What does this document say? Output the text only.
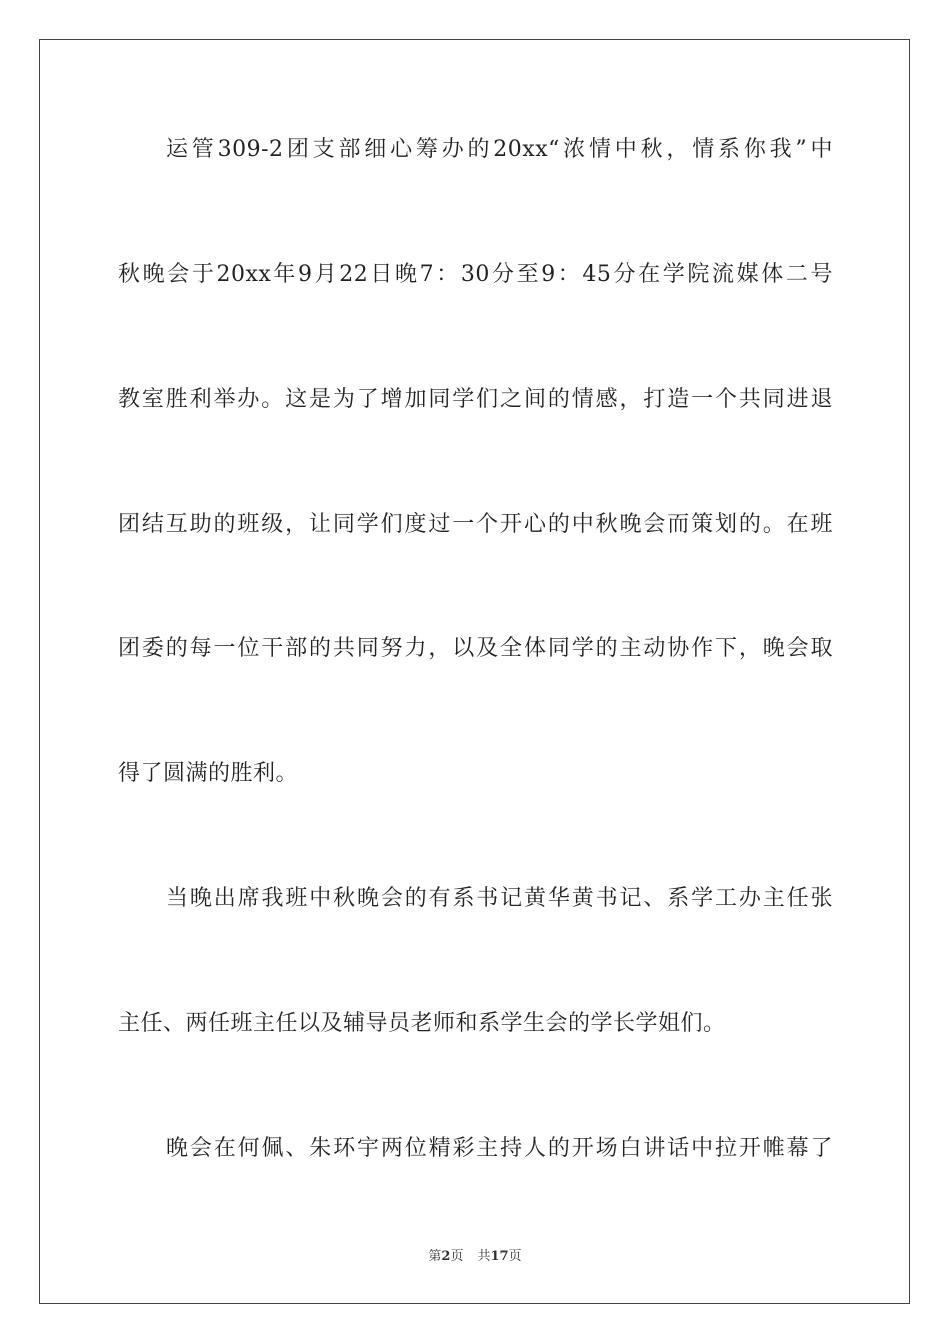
运管309-2团支部细心筹办的20xx“浓情中秋，情系你我”中
秋晚会于20xx年9月22日晚7：30分至9：45分在学院流媒体二号
教室胜利举办。这是为了增加同学们之间的情感，打造一个共同进退
团结互助的班级，让同学们度过一个开心的中秋晚会而策划的。在班
团委的每一位干部的共同努力，以及全体同学的主动协作下，晚会取
得了圆满的胜利。
当晚出席我班中秋晚会的有系书记黄华黄书记、系学工办主任张
主任、两任班主任以及辅导员老师和系学生会的学长学姐们。
晚会在何佩、朱环宇两位精彩主持人的开场白讲话中拉开帷幕了
第2页 共17页
